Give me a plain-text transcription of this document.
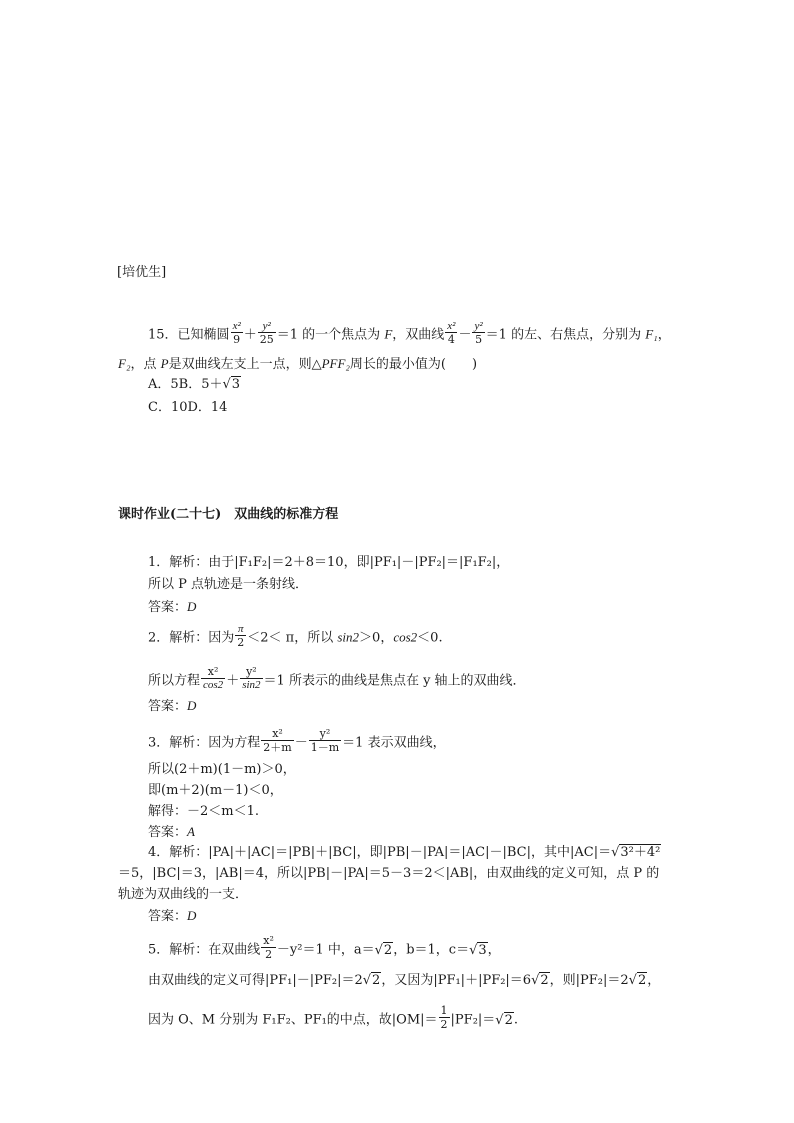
[培优生]
15．已知椭圆 $\frac{\text{x²}}{9} + \frac{\text{y²}}{25} =1$ 的一个焦点为 F，双曲线 $\frac{\text{x²}}{4} - \frac{\text{y²}}{5} =1$ 的左、右焦点，分别为 F₁，
F₂，点 P是双曲线左支上一点，则△PFF₂周长的最小值为(　　)
A．5B．5＋√3
C．10D．14
课时作业(二十七)　双曲线的标准方程
1．解析：由于|F₁F₂|＝2＋8＝10，即|PF₁|－|PF₂|＝|F₁F₂|，
所以 P 点轨迹是一条射线．
答案：D
2．解析：因为 $\frac{\pi}{2} <2< \pi$，所以 sin2＞0，cos2＜0.
所以方程 $\frac{\text{x²}}{\cos 2} + \frac{\text{y²}}{\sin 2} =1$ 所表示的曲线是焦点在 y 轴上的双曲线．
答案：D
3．解析：因为方程 $\frac{\text{x²}}{2+m} - \frac{\text{y²}}{1-m} =1$ 表示双曲线，
所以(2＋m)(1－m)＞0，
即(m＋2)(m－1)＜0，
解得：－2＜m＜1.
答案：A
4．解析：|PA|＋|AC|＝|PB|＋|BC|，即|PB|－|PA|＝|AC|－|BC|，其中|AC|＝√3²＋4²
＝5，|BC|＝3，|AB|＝4，所以|PB|－|PA|＝5－3＝2＜|AB|，由双曲线的定义可知，点 P 的
轨迹为双曲线的一支．
答案：D
5．解析：在双曲线 $\frac{\text{x²}}{2} -y^2=1$ 中，a＝√2，b＝1，c＝√3，
由双曲线的定义可得|PF₁|－|PF₂|＝2√2，又因为|PF₁|＋|PF₂|＝6√2，则|PF₂|＝2√2，
因为 O、M 分别为 F₁F₂、PF₁的中点，故$|OM|= \frac{1}{2} |PF_2|=√2$.
